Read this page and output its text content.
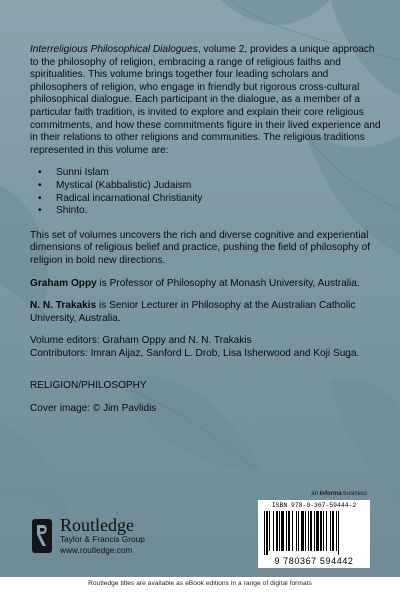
Interreligious Philosophical Dialogues, volume 2, provides a unique approach to the philosophy of religion, embracing a range of religious faiths and spiritualities. This volume brings together four leading scholars and philosophers of religion, who engage in friendly but rigorous cross-cultural philosophical dialogue. Each participant in the dialogue, as a member of a particular faith tradition, is invited to explore and explain their core religious commitments, and how these commitments figure in their lived experience and in their relations to other religions and communities. The religious traditions represented in this volume are:

• Sunni Islam
• Mystical (Kabbalistic) Judaism
• Radical incarnational Christianity
• Shinto.

This set of volumes uncovers the rich and diverse cognitive and experiential dimensions of religious belief and practice, pushing the field of philosophy of religion in bold new directions.

Graham Oppy is Professor of Philosophy at Monash University, Australia.

N. N. Trakakis is Senior Lecturer in Philosophy at the Australian Catholic University, Australia.

Volume editors: Graham Oppy and N. N. Trakakis

Contributors: Imran Aijaz, Sanford L. Drob, Lisa Isherwood and Koji Suga.

RELIGION/PHILOSOPHY

Cover image: © Jim Pavlidis

an informa business
Routledge
Taylor & Francis Group
www.routledge.com
ISBN 978-0-367-59444-2
9 780367 594442
Routledge titles are available as eBook editions in a range of digital formats
